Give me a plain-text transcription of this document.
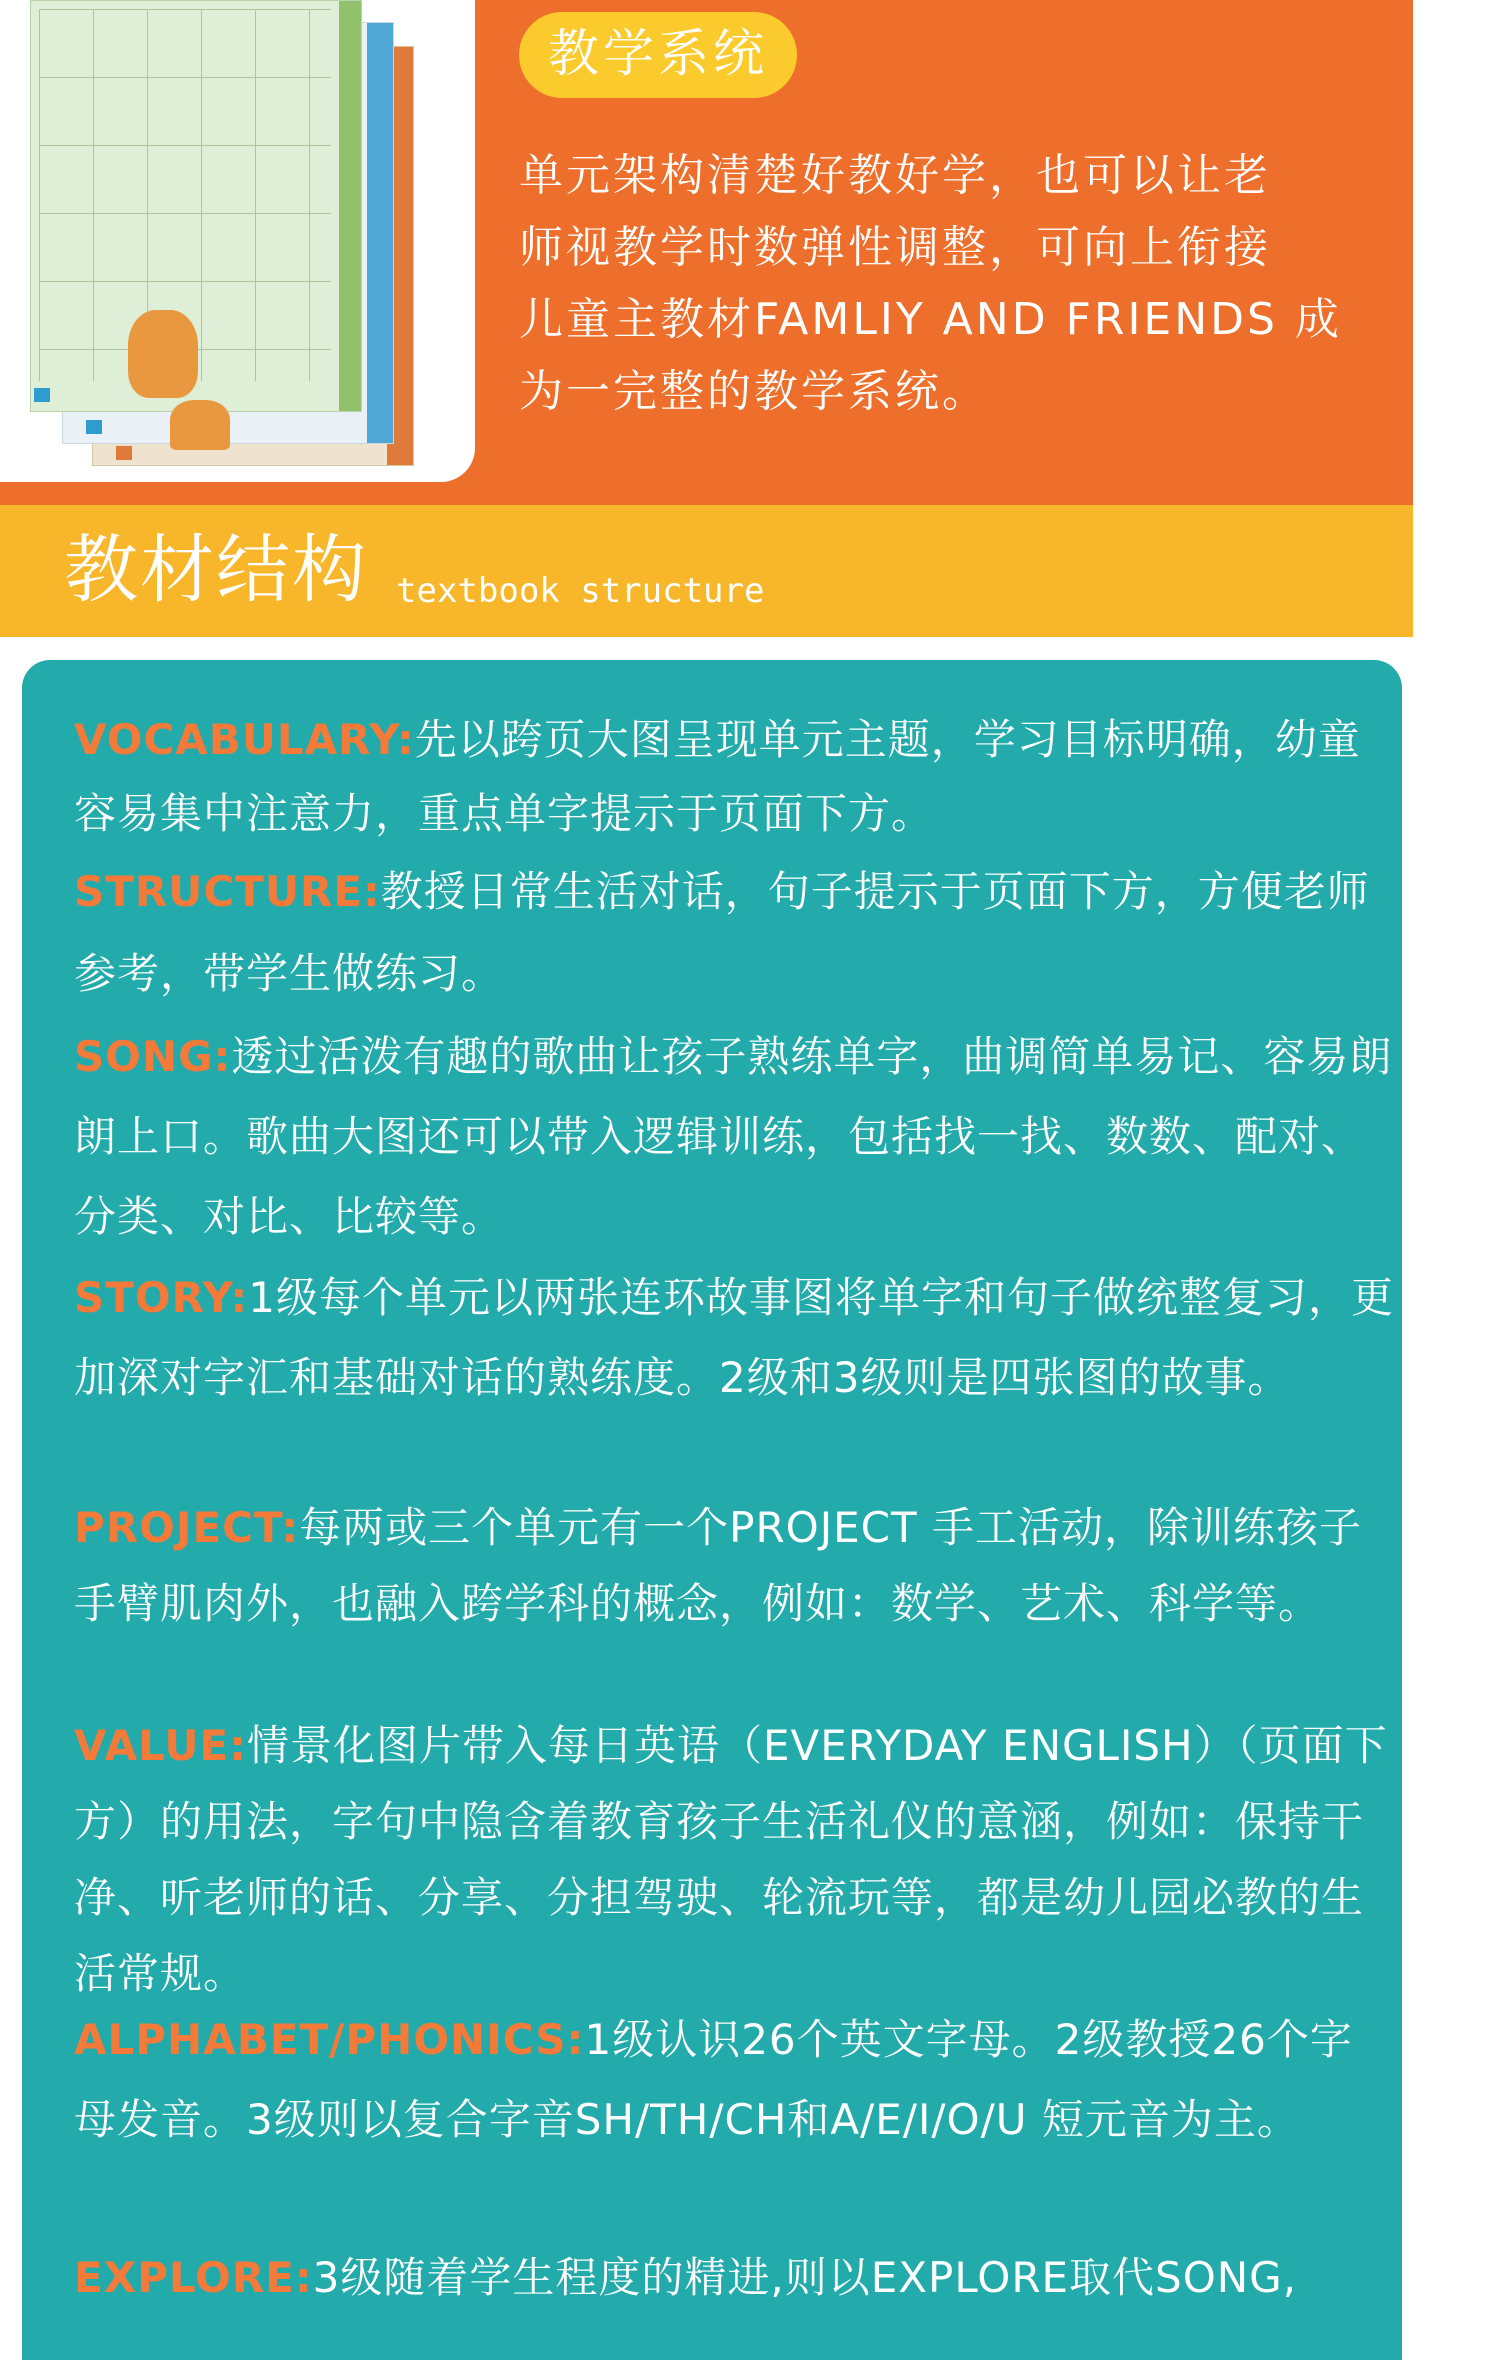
教学系统
单元架构清楚好教好学，也可以让老
师视教学时数弹性调整，可向上衔接
儿童主教材FAMLIY AND FRIENDS 成
为一完整的教学系统。
教材结构 textbook structure

VOCABULARY:先以跨页大图呈现单元主题，学习目标明确，幼童容易集中注意力，重点单字提示于页面下方。

STRUCTURE:教授日常生活对话，句子提示于页面下方，方便老师参考，带学生做练习。

SONG:透过活泼有趣的歌曲让孩子熟练单字，曲调简单易记、容易朗朗上口。歌曲大图还可以带入逻辑训练，包括找一找、数数、配对、分类、对比、比较等。

STORY:1级每个单元以两张连环故事图将单字和句子做统整复习，更加深对字汇和基础对话的熟练度。2级和3级则是四张图的故事。

PROJECT:每两或三个单元有一个PROJECT 手工活动，除训练孩子手臂肌肉外，也融入跨学科的概念，例如：数学、艺术、科学等。

VALUE:情景化图片带入每日英语（EVERYDAY ENGLISH）（页面下方）的用法，字句中隐含着教育孩子生活礼仪的意涵，例如：保持干净、听老师的话、分享、分担驾驶、轮流玩等，都是幼儿园必教的生活常规。

ALPHABET/PHONICS:1级认识26个英文字母。2级教授26个字母发音。3级则以复合字音SH/TH/CH和A/E/I/O/U 短元音为主。

EXPLORE:3级随着学生程度的精进,则以EXPLORE取代SONG,
